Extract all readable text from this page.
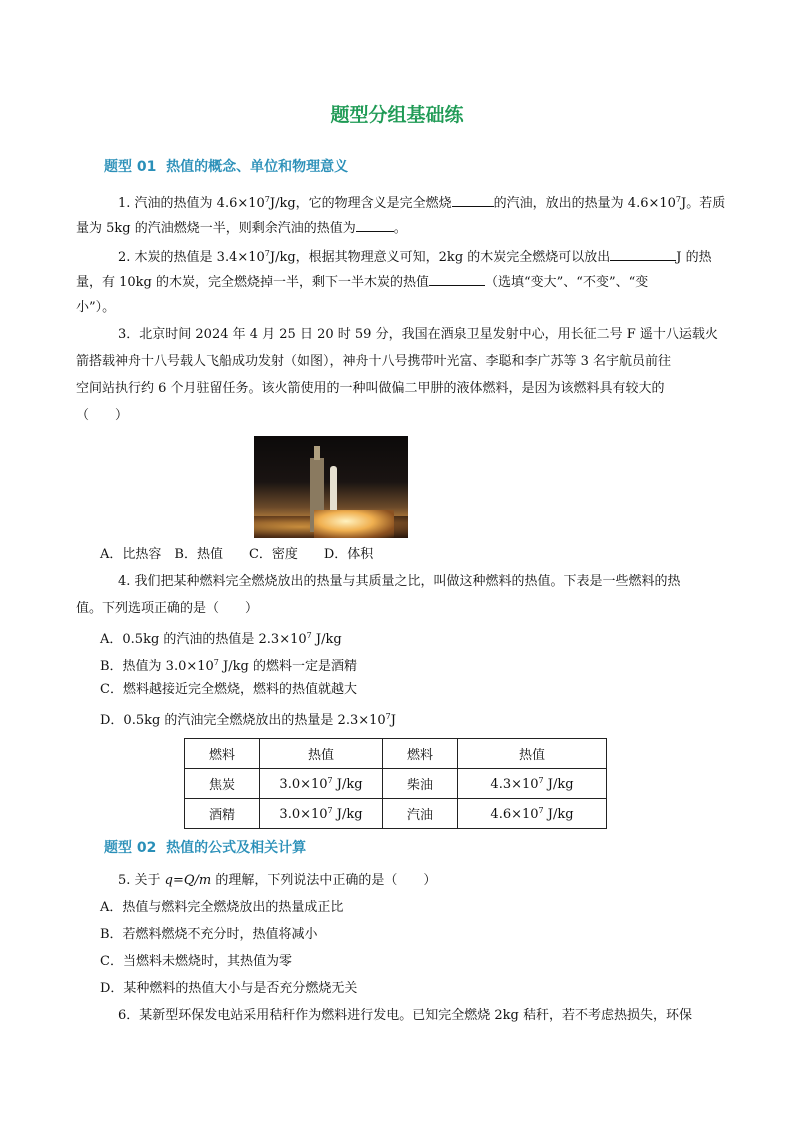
题型分组基础练
题型 01 热值的概念、单位和物理意义
1. 汽油的热值为 $4.6\times 10^7J/kg$，它的物理含义是完全燃烧	的汽油，放出的热量为 $4.6\times 10^7J$。若质
量为 5kg 的汽油燃烧一半，则剩余汽油的热值为	。
2. 木炭的热值是 $3.4\times 10^7J/kg$，根据其物理意义可知，2kg 的木炭完全燃烧可以放出	J 的热
量，有 10kg 的木炭，完全燃烧掉一半，剩下一半木炭的热值	（选填“变大”、“不变”、“变
小”）。
3．北京时间 2024 年 4 月 25 日 20 时 59 分，我国在酒泉卫星发射中心，用长征二号 F 遥十八运载火
箭搭载神舟十八号载人飞船成功发射（如图），神舟十八号携带叶光富、李聪和李广苏等 3 名宇航员前往
空间站执行约 6 个月驻留任务。该火箭使用的一种叫做偏二甲肼的液体燃料，是因为该燃料具有较大的
（　　）
A．比热容　B．热值　　C．密度　　D．体积
4. 我们把某种燃料完全燃烧放出的热量与其质量之比，叫做这种燃料的热值。下表是一些燃料的热
值。下列选项正确的是（　　）
A．0.5kg 的汽油的热值是 $2.3\times 10^7$ J/kg
B．热值为 $3.0\times 10^7$ J/kg 的燃料一定是酒精
C．燃料越接近完全燃烧，燃料的热值就越大
D．0.5kg 的汽油完全燃烧放出的热量是 $2.3\times 10^7J$
燃料	热值	燃料	热值
焦炭	$3.0\times 10^7$ J/kg	柴油	$4.3\times 10^7$ J/kg
酒精	$3.0\times 10^7$ J/kg	汽油	$4.6\times 10^7$ J/kg
题型 02 热值的公式及相关计算
5. 关于 q=Q/m 的理解，下列说法中正确的是（　　）
A．热值与燃料完全燃烧放出的热量成正比
B．若燃料燃烧不充分时，热值将减小
C．当燃料未燃烧时，其热值为零
D．某种燃料的热值大小与是否充分燃烧无关
6．某新型环保发电站采用秸秆作为燃料进行发电。已知完全燃烧 2kg 秸秆，若不考虑热损失，环保
